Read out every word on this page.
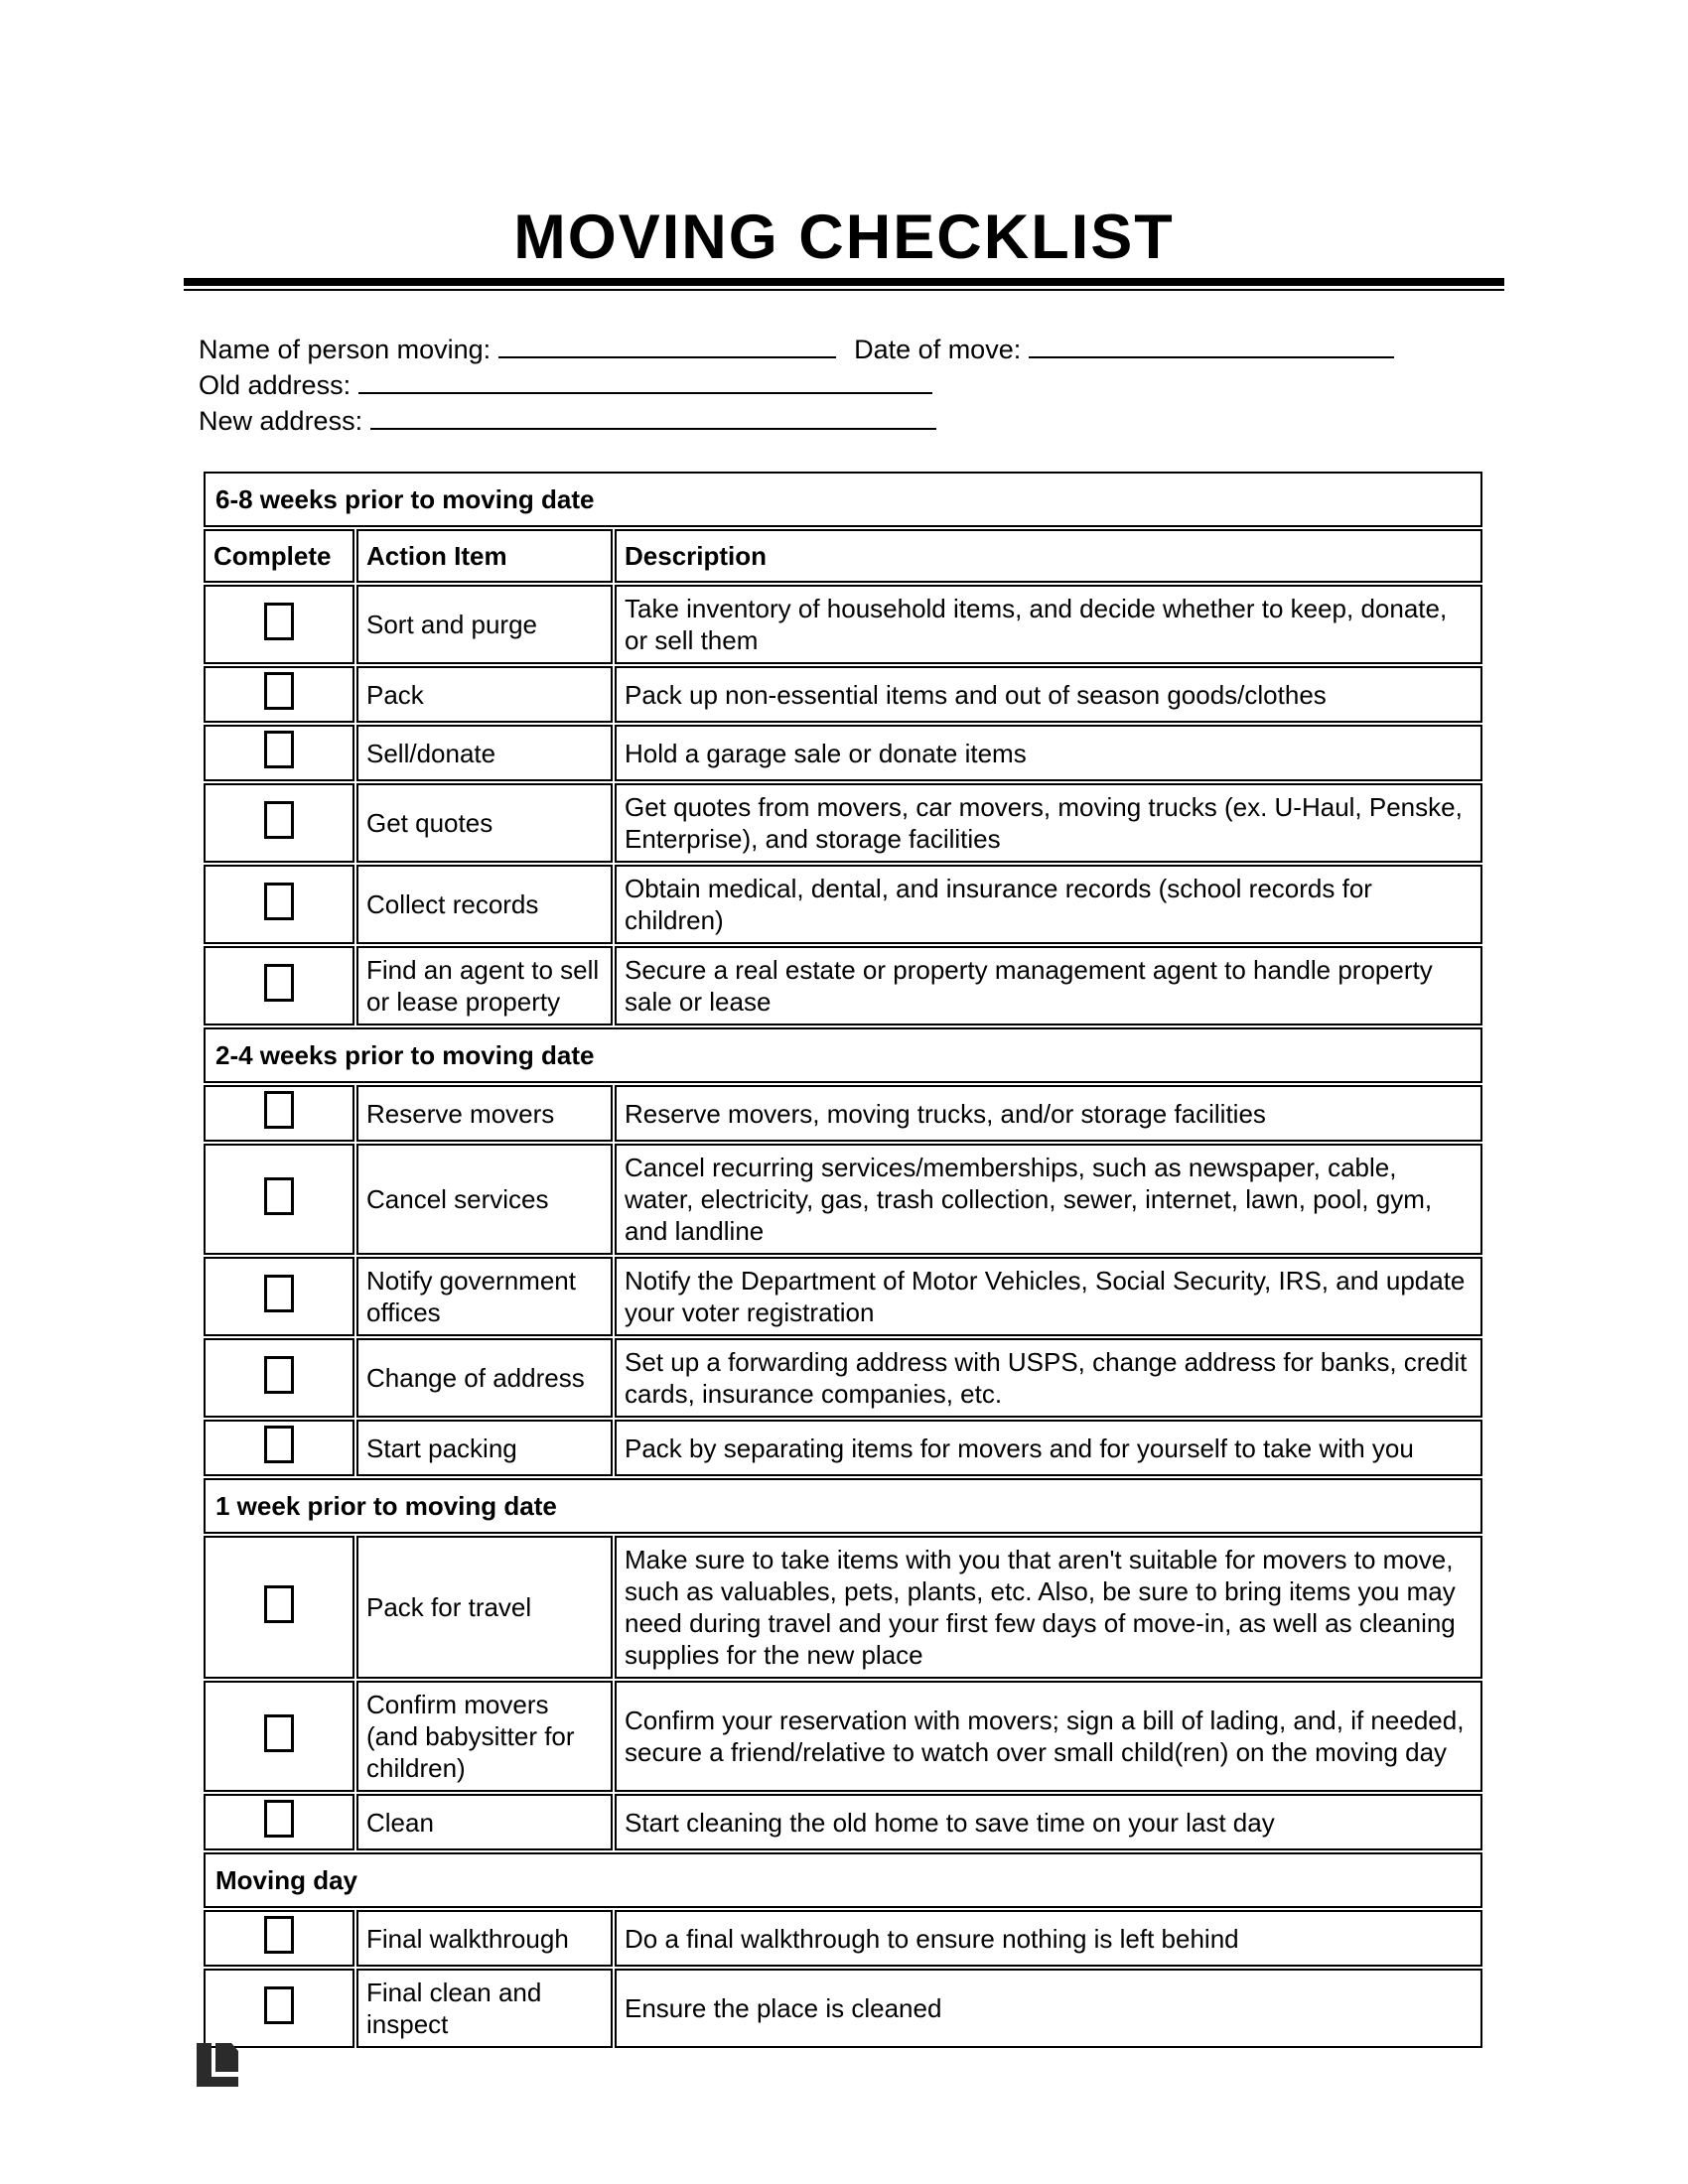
MOVING CHECKLIST
Name of person moving:	Date of move:
Old address:
New address:
6-8 weeks prior to moving date		
Complete	Action Item	Description
	Sort and purge	Take inventory of household items, and decide whether to keep, donate, or sell them
	Pack	Pack up non-essential items and out of season goods/clothes
	Sell/donate	Hold a garage sale or donate items
	Get quotes	Get quotes from movers, car movers, moving trucks (ex. U-Haul, Penske, Enterprise), and storage facilities
	Collect records	Obtain medical, dental, and insurance records (school records for children)
	Find an agent to sell or lease property	Secure a real estate or property management agent to handle property sale or lease
2-4 weeks prior to moving date		
	Reserve movers	Reserve movers, moving trucks, and/or storage facilities
	Cancel services	Cancel recurring services/memberships, such as newspaper, cable, water, electricity, gas, trash collection, sewer, internet, lawn, pool, gym, and landline
	Notify government offices	Notify the Department of Motor Vehicles, Social Security, IRS, and update your voter registration
	Change of address	Set up a forwarding address with USPS, change address for banks, credit cards, insurance companies, etc.
	Start packing	Pack by separating items for movers and for yourself to take with you
1 week prior to moving date		
	Pack for travel	Make sure to take items with you that aren't suitable for movers to move, such as valuables, pets, plants, etc. Also, be sure to bring items you may need during travel and your first few days of move-in, as well as cleaning supplies for the new place
	Confirm movers (and babysitter for children)	Confirm your reservation with movers; sign a bill of lading, and, if needed, secure a friend/relative to watch over small child(ren) on the moving day
	Clean	Start cleaning the old home to save time on your last day
Moving day		
	Final walkthrough	Do a final walkthrough to ensure nothing is left behind
	Final clean and inspect	Ensure the place is cleaned
